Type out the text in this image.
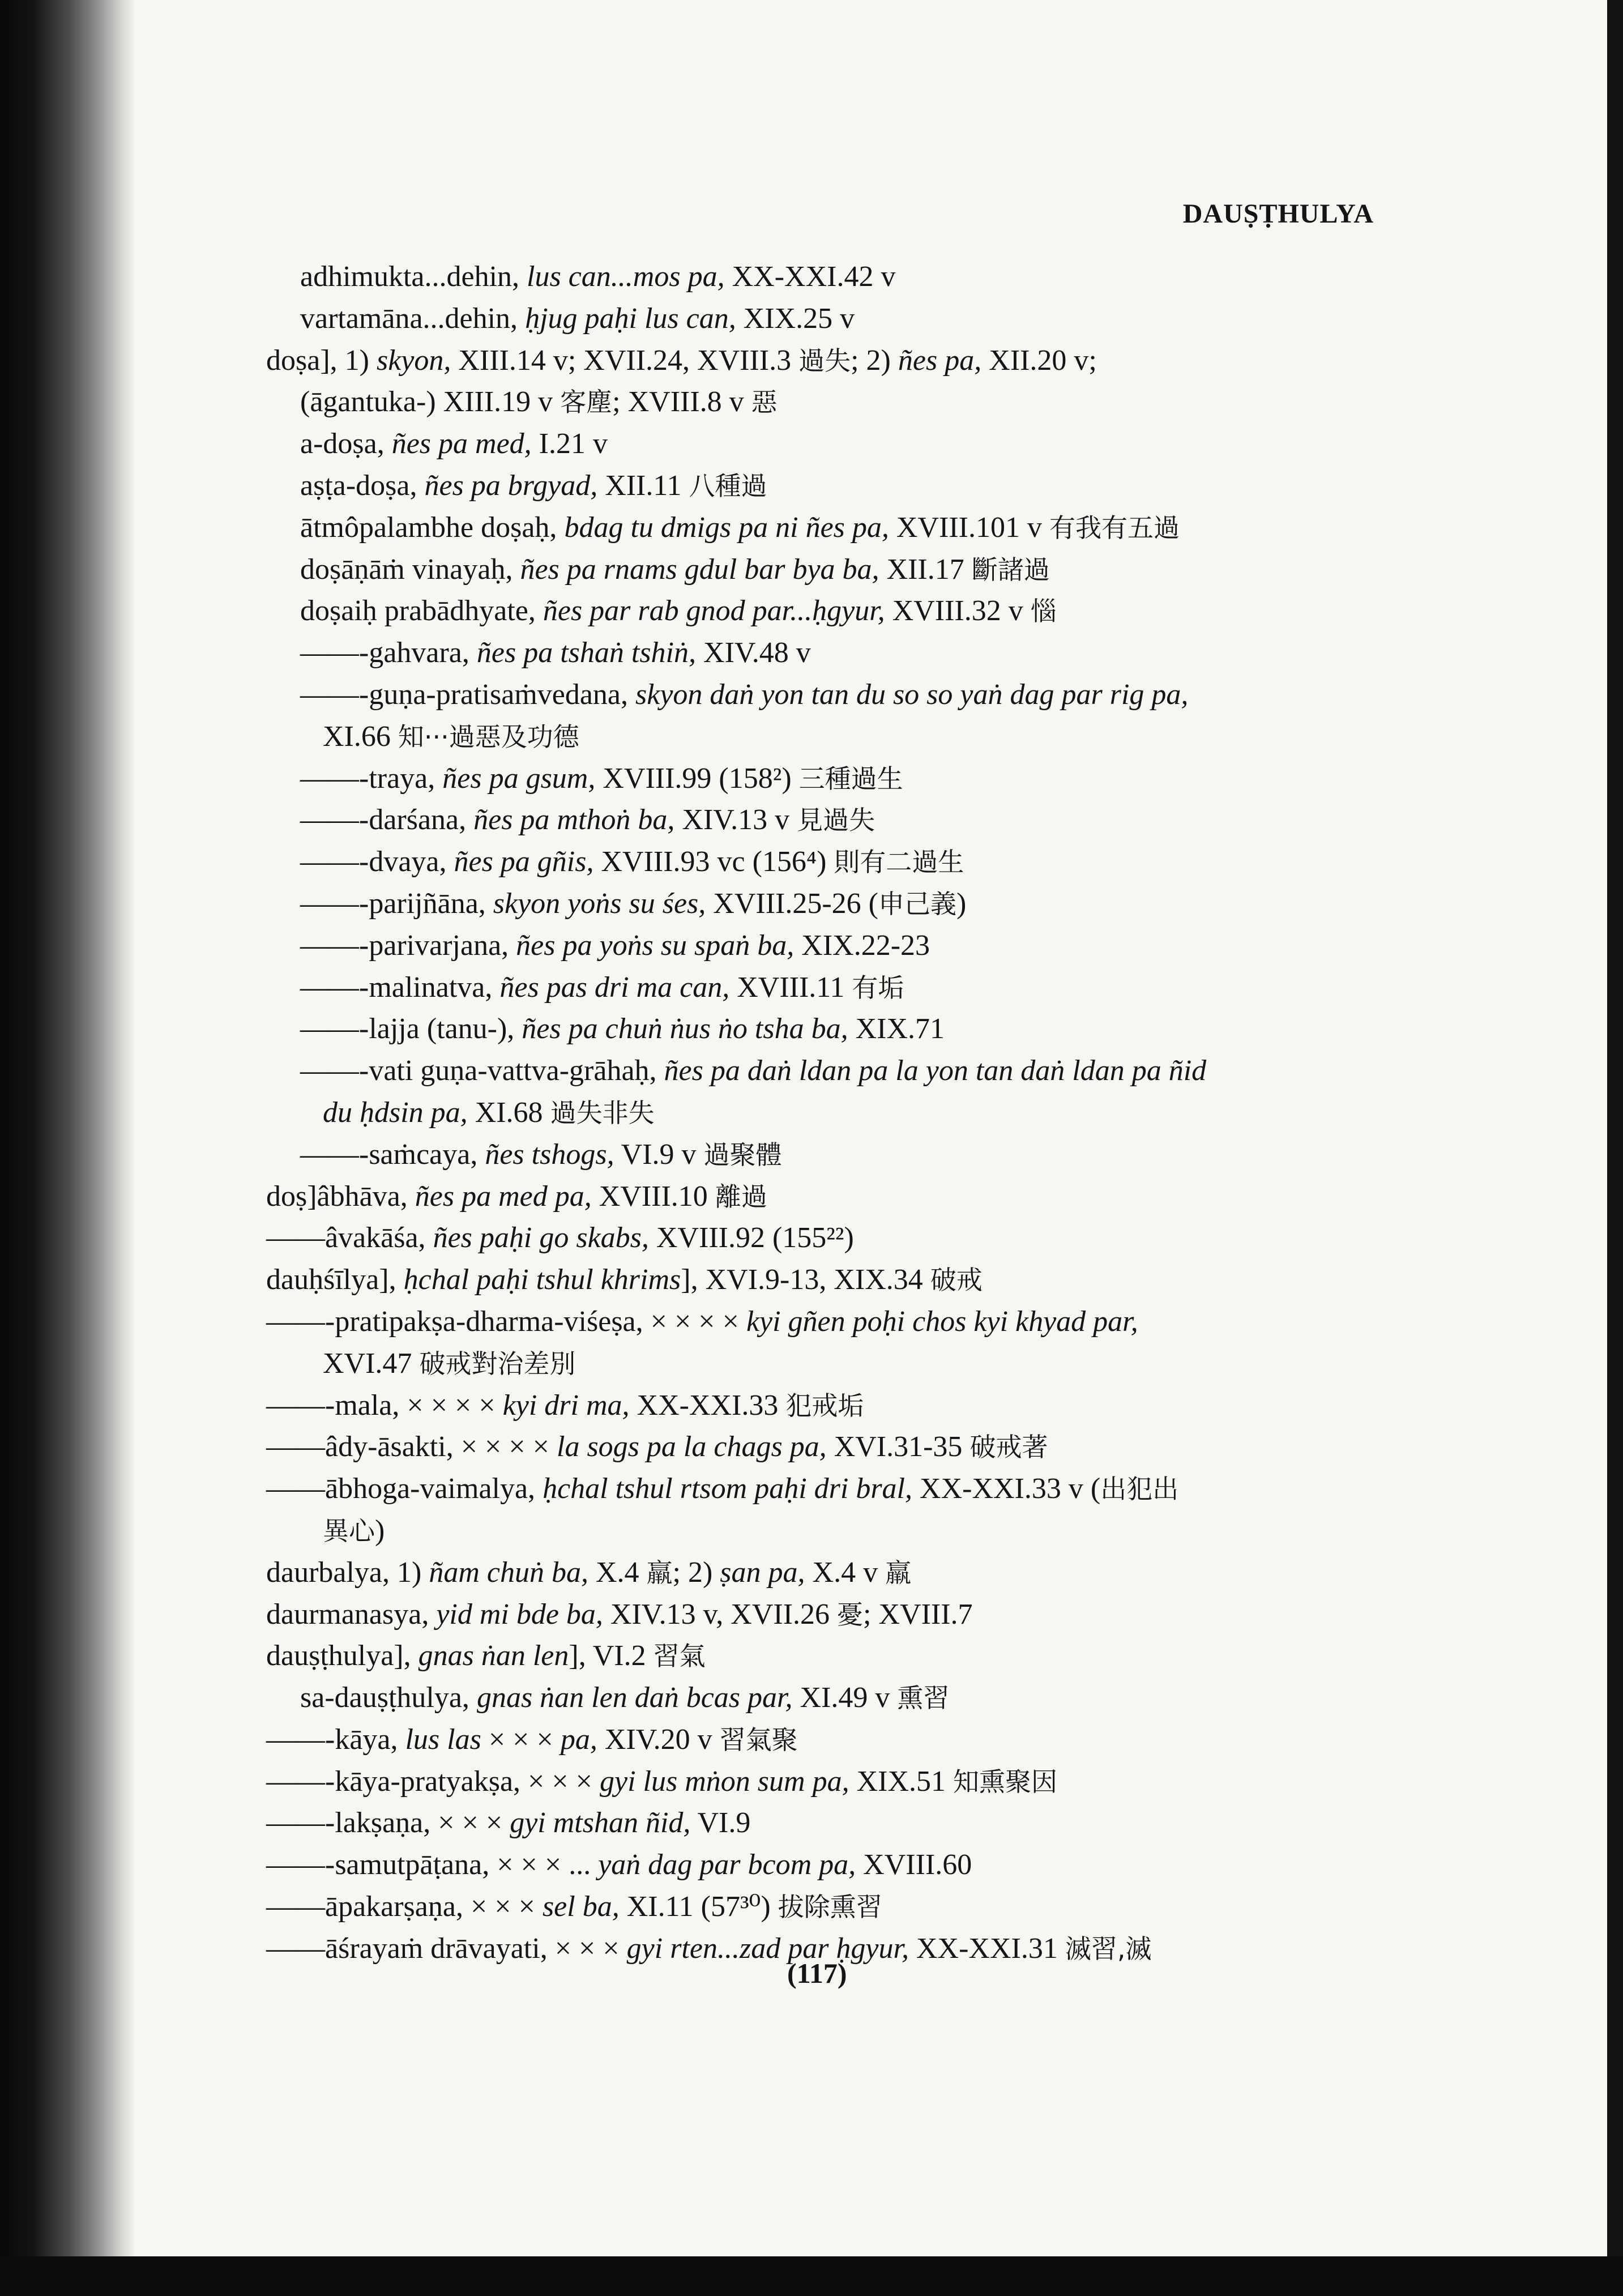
DAUṢṬHULYA
adhimukta...dehin, lus can...mos pa, XX-XXI.42 v
vartamāna...dehin, ḥjug paḥi lus can, XIX.25 v
doṣa], 1) skyon, XIII.14 v; XVII.24, XVIII.3 過失; 2) ñes pa, XII.20 v;
(āgantuka-) XIII.19 v 客塵; XVIII.8 v 惡
a-doṣa, ñes pa med, I.21 v
aṣṭa-doṣa, ñes pa brgyad, XII.11 八種過
ātmôpalambhe doṣaḥ, bdag tu dmigs pa ni ñes pa, XVIII.101 v 有我有五過
doṣāṇāṁ vinayaḥ, ñes pa rnams gdul bar bya ba, XII.17 斷諸過
doṣaiḥ prabādhyate, ñes par rab gnod par...ḥgyur, XVIII.32 v 惱
——-gahvara, ñes pa tshaṅ tshiṅ, XIV.48 v
——-guṇa-pratisaṁvedana, skyon daṅ yon tan du so so yaṅ dag par rig pa,
XI.66 知···過惡及功德
——-traya, ñes pa gsum, XVIII.99 (158²) 三種過生
——-darśana, ñes pa mthoṅ ba, XIV.13 v 見過失
——-dvaya, ñes pa gñis, XVIII.93 vc (156⁴) 則有二過生
——-parijñāna, skyon yoṅs su śes, XVIII.25-26 (申己義)
——-parivarjana, ñes pa yoṅs su spaṅ ba, XIX.22-23
——-malinatva, ñes pas dri ma can, XVIII.11 有垢
——-lajja (tanu-), ñes pa chuṅ ṅus ṅo tsha ba, XIX.71
——-vati guṇa-vattva-grāhaḥ, ñes pa daṅ ldan pa la yon tan daṅ ldan pa ñid
du ḥdsin pa, XI.68 過失非失
——-saṁcaya, ñes tshogs, VI.9 v 過聚體
doṣ]âbhāva, ñes pa med pa, XVIII.10 離過
——âvakāśa, ñes paḥi go skabs, XVIII.92 (155²²)
dauḥśīlya], ḥchal paḥi tshul khrims], XVI.9-13, XIX.34 破戒
——-pratipakṣa-dharma-viśeṣa, × × × × kyi gñen poḥi chos kyi khyad par,
XVI.47 破戒對治差別
——-mala, × × × × kyi dri ma, XX-XXI.33 犯戒垢
——âdy-āsakti, × × × × la sogs pa la chags pa, XVI.31-35 破戒著
——ābhoga-vaimalya, ḥchal tshul rtsom paḥi dri bral, XX-XXI.33 v (出犯出
異心)
daurbalya, 1) ñam chuṅ ba, X.4 羸; 2) ṣan pa, X.4 v 羸
daurmanasya, yid mi bde ba, XIV.13 v, XVII.26 憂; XVIII.7
dauṣṭhulya], gnas ṅan len], VI.2 習氣
sa-dauṣṭhulya, gnas ṅan len daṅ bcas par, XI.49 v 熏習
——-kāya, lus las × × × pa, XIV.20 v 習氣聚
——-kāya-pratyakṣa, × × × gyi lus mṅon sum pa, XIX.51 知熏聚因
——-lakṣaṇa, × × × gyi mtshan ñid, VI.9
——-samutpāṭana, × × × ... yaṅ dag par bcom pa, XVIII.60
——āpakarṣaṇa, × × × sel ba, XI.11 (57³⁰) 拔除熏習
——āśrayaṁ drāvayati, × × × gyi rten...zad par ḥgyur, XX-XXI.31 滅習,滅
(117)
